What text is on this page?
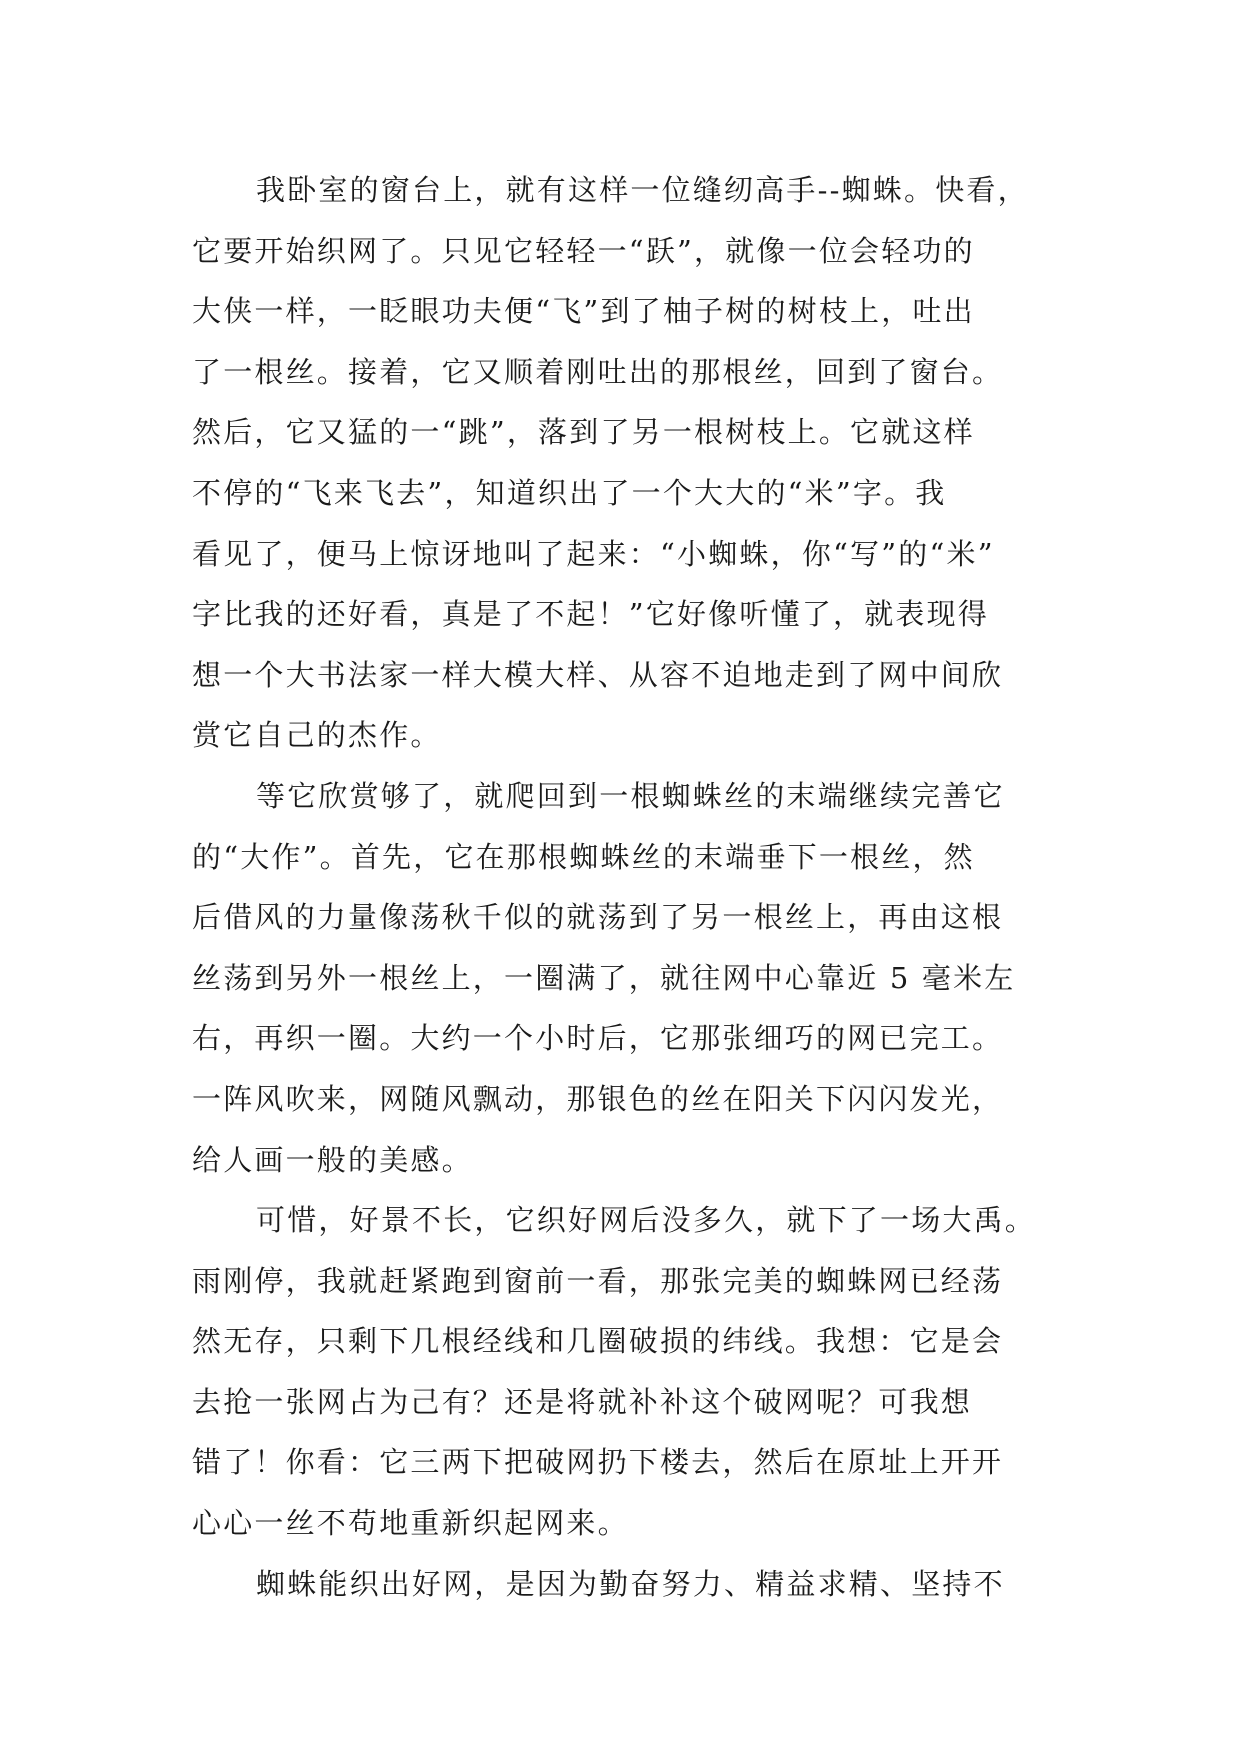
我卧室的窗台上，就有这样一位缝纫高手--蜘蛛。快看，
它要开始织网了。只见它轻轻一“跃”，就像一位会轻功的
大侠一样，一眨眼功夫便“飞”到了柚子树的树枝上，吐出
了一根丝。接着，它又顺着刚吐出的那根丝，回到了窗台。
然后，它又猛的一“跳”，落到了另一根树枝上。它就这样
不停的“飞来飞去”，知道织出了一个大大的“米”字。我
看见了，便马上惊讶地叫了起来：“小蜘蛛，你“写”的“米”
字比我的还好看，真是了不起！”它好像听懂了，就表现得
想一个大书法家一样大模大样、从容不迫地走到了网中间欣
赏它自己的杰作。
等它欣赏够了，就爬回到一根蜘蛛丝的末端继续完善它
的“大作”。首先，它在那根蜘蛛丝的末端垂下一根丝，然
后借风的力量像荡秋千似的就荡到了另一根丝上，再由这根
丝荡到另外一根丝上，一圈满了，就往网中心靠近 5 毫米左
右，再织一圈。大约一个小时后，它那张细巧的网已完工。
一阵风吹来，网随风飘动，那银色的丝在阳关下闪闪发光，
给人画一般的美感。
可惜，好景不长，它织好网后没多久，就下了一场大禹。
雨刚停，我就赶紧跑到窗前一看，那张完美的蜘蛛网已经荡
然无存，只剩下几根经线和几圈破损的纬线。我想：它是会
去抢一张网占为己有？还是将就补补这个破网呢？可我想
错了！你看：它三两下把破网扔下楼去，然后在原址上开开
心心一丝不苟地重新织起网来。
蜘蛛能织出好网，是因为勤奋努力、精益求精、坚持不
